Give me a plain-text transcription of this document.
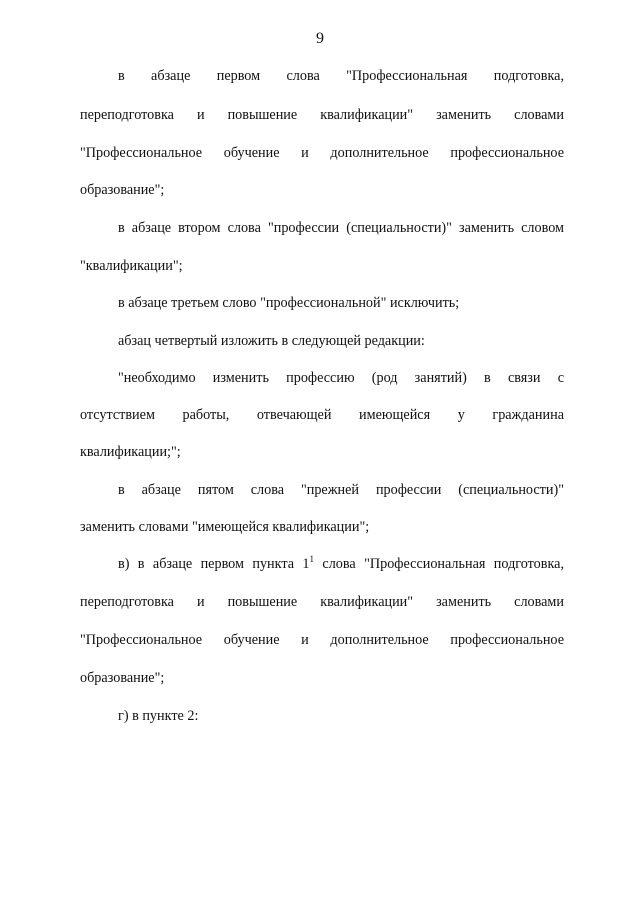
9
в абзаце первом слова "Профессиональная подготовка,
переподготовка и повышение квалификации" заменить словами
"Профессиональное обучение и дополнительное профессиональное
образование";
в абзаце втором слова "профессии (специальности)" заменить словом
"квалификации";
в абзаце третьем слово "профессиональной" исключить;
абзац четвертый изложить в следующей редакции:
"необходимо изменить профессию (род занятий) в связи с
отсутствием работы, отвечающей имеющейся у гражданина
квалификации;";
в абзаце пятом слова "прежней профессии (специальности)"
заменить словами "имеющейся квалификации";
в) в абзаце первом пункта $1^1$ слова "Профессиональная подготовка,
переподготовка и повышение квалификации" заменить словами
"Профессиональное обучение и дополнительное профессиональное
образование";
г) в пункте 2:
